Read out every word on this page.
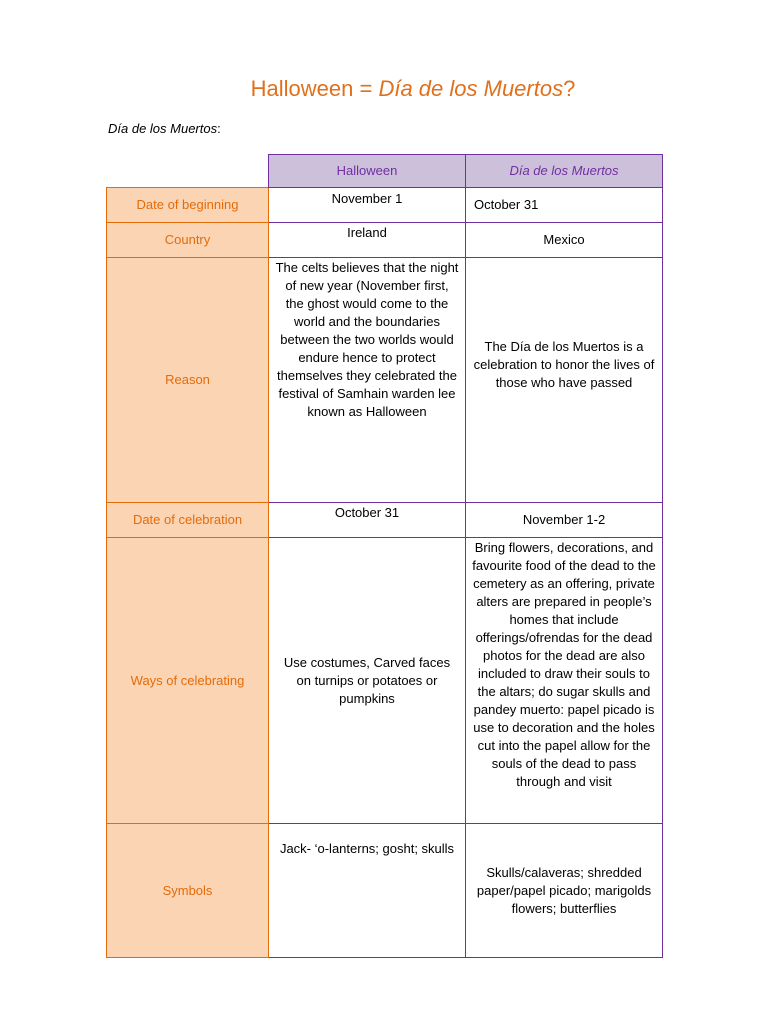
Halloween = Día de los Muertos?
Día de los Muertos:
	Halloween	Día de los Muertos
Date of beginning	November 1	October 31
Country	Ireland	Mexico
Reason	The celts believes that the night of new year (November first, the ghost would come to the world and the boundaries between the two worlds would endure hence to protect themselves they celebrated the festival of Samhain warden lee known as Halloween	The Día de los Muertos is a celebration to honor the lives of those who have passed
Date of celebration	October 31	November 1-2
Ways of celebrating	Use costumes, Carved faces on turnips or potatoes or pumpkins	Bring flowers, decorations, and favourite food of the dead to the cemetery as an offering, private alters are prepared in people’s homes that include offerings/ofrendas for the dead photos for the dead are also included to draw their souls to the altars; do sugar skulls and pandey muerto: papel picado is use to decoration and the holes cut into the papel allow for the souls of the dead to pass through and visit
Symbols	Jack- ‘o-lanterns; gosht; skulls	Skulls/calaveras; shredded paper/papel picado; marigolds flowers; butterflies
